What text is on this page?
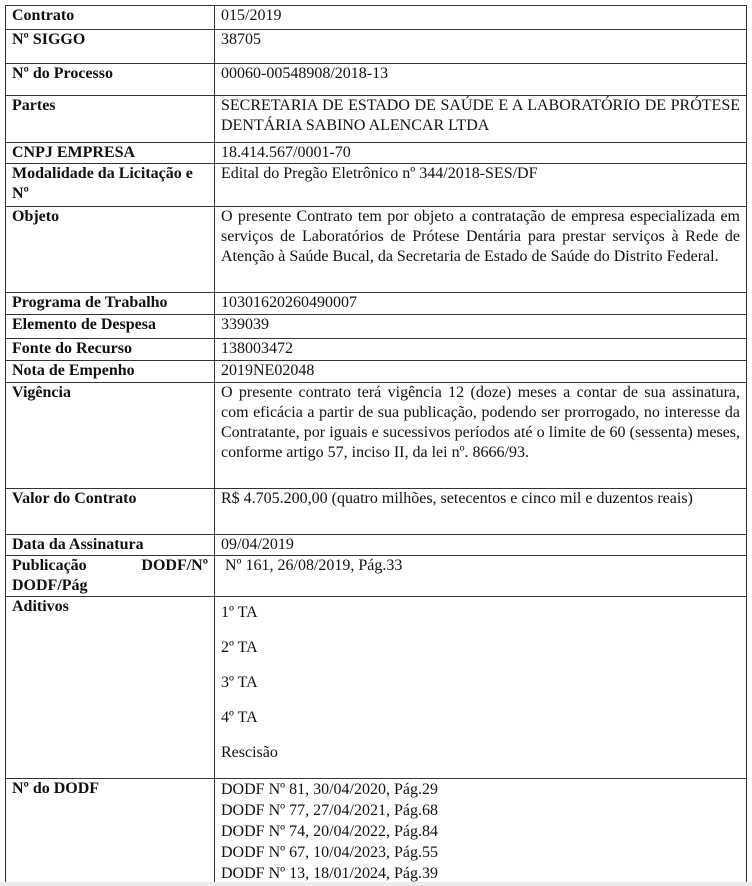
Contrato	015/2019
Nº SIGGO	38705
Nº do Processo	00060-00548908/2018-13
Partes	SECRETARIA DE ESTADO DE SAÚDE E A LABORATÓRIO DE PRÓTESE DENTÁRIA SABINO ALENCAR LTDA
CNPJ EMPRESA	18.414.567/0001-70
Modalidade da Licitação e Nº	Edital do Pregão Eletrônico nº 344/2018-SES/DF
Objeto	O presente Contrato tem por objeto a contratação de empresa especializada em serviços de Laboratórios de Prótese Dentária para prestar serviços à Rede de Atenção à Saúde Bucal, da Secretaria de Estado de Saúde do Distrito Federal.
Programa de Trabalho	10301620260490007
Elemento de Despesa	339039
Fonte do Recurso	138003472
Nota de Empenho	2019NE02048
Vigência	O presente contrato terá vigência 12 (doze) meses a contar de sua assinatura, com eficácia a partir de sua publicação, podendo ser prorrogado, no interesse da Contratante, por iguais e sucessivos períodos até o limite de 60 (sessenta) meses, conforme artigo 57, inciso II, da lei nº. 8666/93.
Valor do Contrato	R$ 4.705.200,00 (quatro milhões, setecentos e cinco mil e duzentos reais)
Data da Assinatura	09/04/2019

Publicação DODF/Nº
DODF/Pág	Nº 161, 26/08/2019, Pág.33
Aditivos	1º TA

2º TA

3º TA

4º TA

Rescisão

Nº do DODF	DODF Nº 81, 30/04/2020, Pág.29
DODF Nº 77, 27/04/2021, Pág.68
DODF Nº 74, 20/04/2022, Pág.84
DODF Nº 67, 10/04/2023, Pág.55
DODF Nº 13, 18/01/2024, Pág.39
